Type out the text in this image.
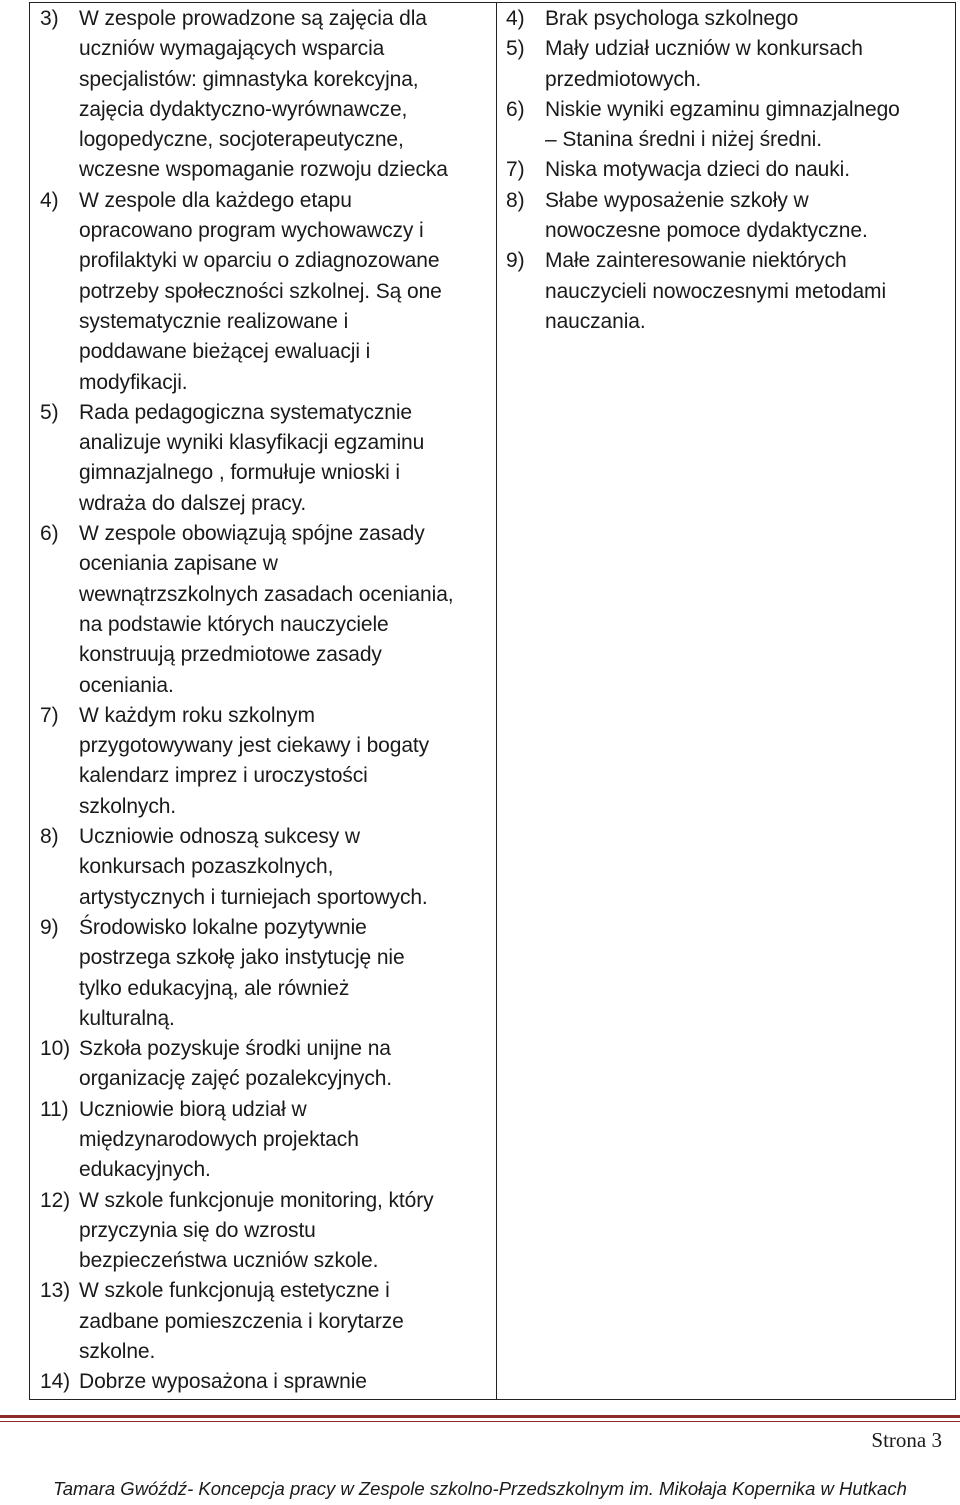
3) W zespole prowadzone są zajęcia dla
uczniów wymagających wsparcia
specjalistów: gimnastyka korekcyjna,
zajęcia dydaktyczno-wyrównawcze,
logopedyczne, socjoterapeutyczne,
wczesne wspomaganie rozwoju dziecka
4) W zespole dla każdego etapu
opracowano program wychowawczy i
profilaktyki w oparciu o zdiagnozowane
potrzeby społeczności szkolnej. Są one
systematycznie realizowane i
poddawane bieżącej ewaluacji i
modyfikacji.
5) Rada pedagogiczna systematycznie
analizuje wyniki klasyfikacji egzaminu
gimnazjalnego , formułuje wnioski i
wdraża do dalszej pracy.
6) W zespole obowiązują spójne zasady
oceniania zapisane w
wewnątrzszkolnych zasadach oceniania,
na podstawie których nauczyciele
konstruują przedmiotowe zasady
oceniania.
7) W każdym roku szkolnym
przygotowywany jest ciekawy i bogaty
kalendarz imprez i uroczystości
szkolnych.
8) Uczniowie odnoszą sukcesy w
konkursach pozaszkolnych,
artystycznych i turniejach sportowych.
9) Środowisko lokalne pozytywnie
postrzega szkołę jako instytucję nie
tylko edukacyjną, ale również
kulturalną.
10) Szkoła pozyskuje środki unijne na
organizację zajęć pozalekcyjnych.
11) Uczniowie biorą udział w
międzynarodowych projektach
edukacyjnych.
12) W szkole funkcjonuje monitoring, który
przyczynia się do wzrostu
bezpieczeństwa uczniów szkole.
13) W szkole funkcjonują estetyczne i
zadbane pomieszczenia i korytarze
szkolne.
14) Dobrze wyposażona i sprawnie
4) Brak psychologa szkolnego
5) Mały udział uczniów w konkursach
przedmiotowych.
6) Niskie wyniki egzaminu gimnazjalnego
– Stanina średni i niżej średni.
7) Niska motywacja dzieci do nauki.
8) Słabe wyposażenie szkoły w
nowoczesne pomoce dydaktyczne.
9) Małe zainteresowanie niektórych
nauczycieli nowoczesnymi metodami
nauczania.
Strona 3
Tamara Gwóźdź- Koncepcja pracy w Zespole szkolno-Przedszkolnym im. Mikołaja Kopernika w Hutkach
